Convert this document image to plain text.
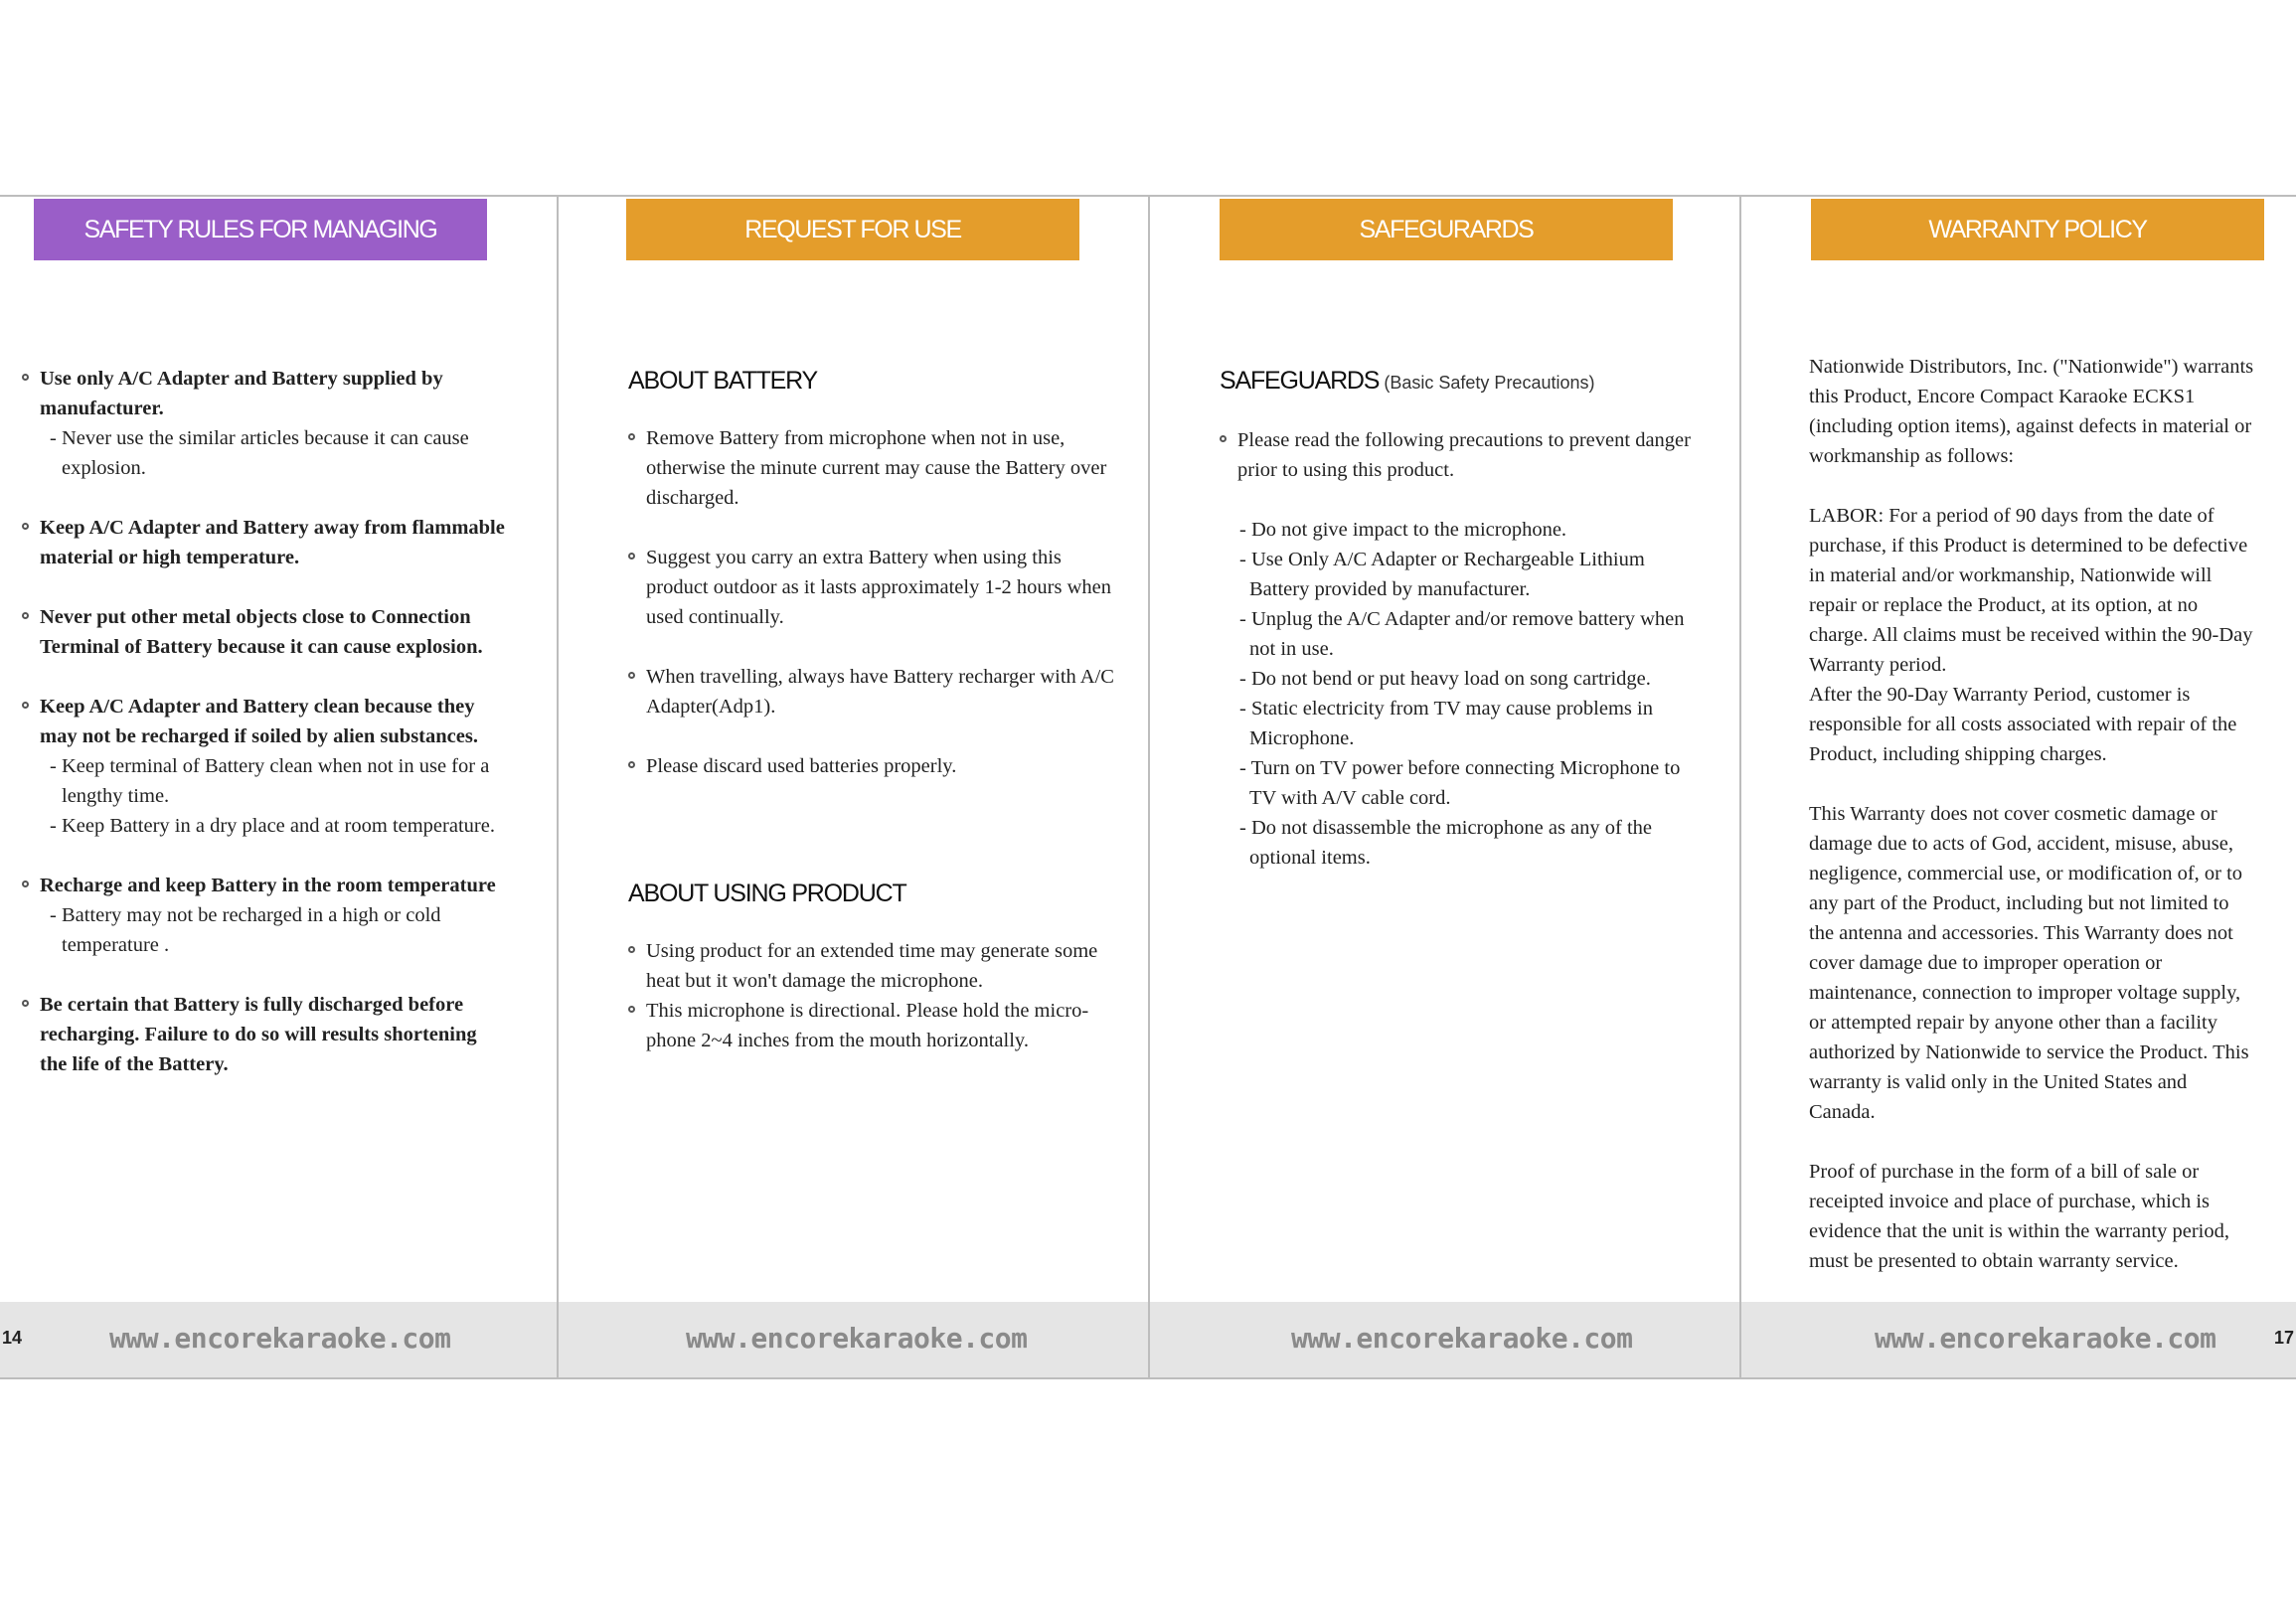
SAFETY RULES FOR MANAGING BATTERY
Use only A/C Adapter and Battery supplied by manufacturer.
- Never use the similar articles because it can cause explosion.
Keep A/C Adapter and Battery away from flammable material or high temperature.
Never put other metal objects close to Connection Terminal of Battery because it can cause explosion.
Keep A/C Adapter and Battery clean because they may not be recharged if soiled by alien substances.
- Keep terminal of Battery clean when not in use for a lengthy time.
- Keep Battery in a dry place and at room temperature.
Recharge and keep Battery in the room temperature
- Battery may not be recharged in a high or cold temperature .
Be certain that Battery is fully discharged before recharging. Failure to do so will results shortening the life of the Battery.
14	www.encorekaraoke.com
REQUEST FOR USE
ABOUT BATTERY
Remove Battery from microphone when not in use, otherwise the minute current may cause the Battery over discharged.
Suggest you carry an extra Battery when using this product outdoor as it lasts approximately 1-2 hours when used continually.
When travelling, always have Battery recharger with A/C Adapter(Adp1).
Please discard used batteries properly.
ABOUT USING PRODUCT
Using product for an extended time may generate some heat but it won't damage the microphone.
This microphone is directional. Please hold the micro-phone 2~4 inches from the mouth horizontally.
www.encorekaraoke.com
SAFEGURARDS
SAFEGUARDS (Basic Safety Precautions)
Please read the following precautions to prevent danger prior to using this product.
- Do not give impact to the microphone.
- Use Only A/C Adapter or Rechargeable Lithium Battery provided by manufacturer.
- Unplug the A/C Adapter and/or remove battery when not in use.
- Do not bend or put heavy load on song cartridge.
- Static electricity from TV may cause problems in Microphone.
- Turn on TV power before connecting Microphone to TV with A/V cable cord.
- Do not disassemble the microphone as any of the optional items.
www.encorekaraoke.com
WARRANTY POLICY

Nationwide Distributors, Inc. ("Nationwide") warrants this Product, Encore Compact Karaoke ECKS1 (including option items), against defects in material or workmanship as follows:

LABOR: For a period of 90 days from the date of purchase, if this Product is determined to be defective in material and/or workmanship, Nationwide will repair or replace the Product, at its option, at no charge. All claims must be received within the 90-Day Warranty period.

After the 90-Day Warranty Period, customer is responsible for all costs associated with repair of the Product, including shipping charges.

This Warranty does not cover cosmetic damage or damage due to acts of God, accident, misuse, abuse, negligence, commercial use, or modification of, or to any part of the Product, including but not limited to the antenna and accessories. This Warranty does not cover damage due to improper operation or maintenance, connection to improper voltage supply, or attempted repair by anyone other than a facility authorized by Nationwide to service the Product. This warranty is valid only in the United States and Canada.

Proof of purchase in the form of a bill of sale or receipted invoice and place of purchase, which is evidence that the unit is within the warranty period, must be presented to obtain warranty service.

www.encorekaraoke.com	17
